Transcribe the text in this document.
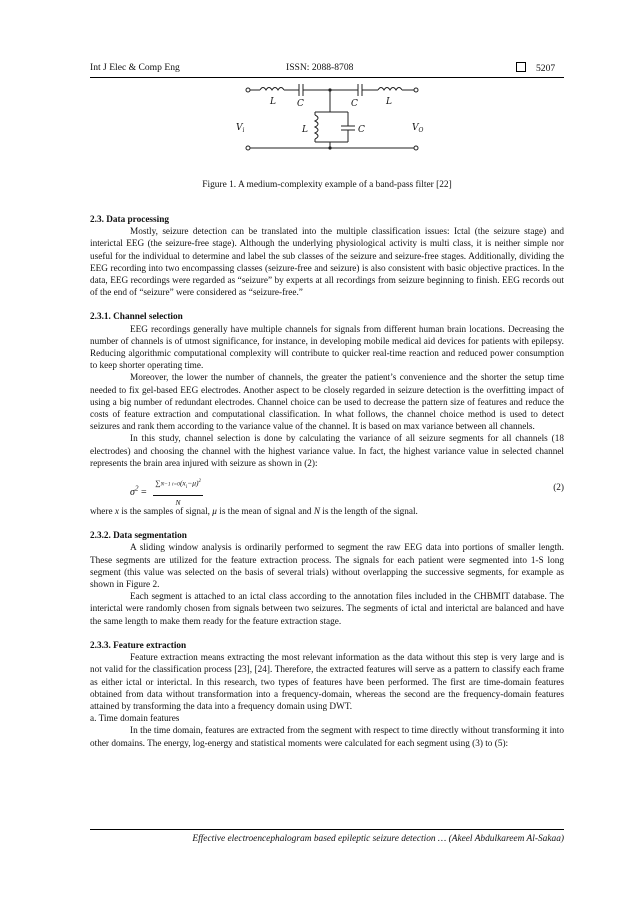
Int J Elec & Comp Eng	ISSN: 2088-8708	5207
L C	C	L
$V_i$	$V_O$
L	C
Figure 1. A medium-complexity example of a band-pass filter [22]
2.3. Data processing

Mostly, seizure detection can be translated into the multiple classification issues: Ictal (the seizure stage) and interictal EEG (the seizure-free stage). Although the underlying physiological activity is multi class, it is neither simple nor useful for the individual to determine and label the sub classes of the seizure and seizure-free stages. Additionally, dividing the EEG recording into two encompassing classes (seizure-free and seizure) is also consistent with basic objective practices. In the data, EEG recordings were regarded as “seizure” by experts at all recordings from seizure beginning to finish. EEG records out of the end of “seizure” were considered as “seizure-free.”

2.3.1. Channel selection

EEG recordings generally have multiple channels for signals from different human brain locations. Decreasing the number of channels is of utmost significance, for instance, in developing mobile medical aid devices for patients with epilepsy. Reducing algorithmic computational complexity will contribute to quicker real-time reaction and reduced power consumption to keep shorter operating time.

Moreover, the lower the number of channels, the greater the patient’s convenience and the shorter the setup time needed to fix gel-based EEG electrodes. Another aspect to be closely regarded in seizure detection is the overfitting impact of using a big number of redundant electrodes. Channel choice can be used to decrease the pattern size of features and reduce the costs of feature extraction and computational classification. In what follows, the channel choice method is used to detect seizures and rank them according to the variance value of the channel. It is based on max variance between all channels.

In this study, channel selection is done by calculating the variance of all seizure segments for all channels (18 electrodes) and choosing the channel with the highest variance value. In fact, the highest variance value in selected channel represents the brain area injured with seizure as shown in (2):

$\sigma^2 = \frac{\sum N-1 i=0(x_i-\mu)^2}{N}$	(2)

where x is the samples of signal, μ is the mean of signal and N is the length of the signal.

2.3.2. Data segmentation

A sliding window analysis is ordinarily performed to segment the raw EEG data into portions of smaller length. These segments are utilized for the feature extraction process. The signals for each patient were segmented into 1-S long segment (this value was selected on the basis of several trials) without overlapping the successive segments, for example as shown in Figure 2.

Each segment is attached to an ictal class according to the annotation files included in the CHBMIT database. The interictal were randomly chosen from signals between two seizures. The segments of ictal and interictal are balanced and have the same length to make them ready for the feature extraction stage.

2.3.3. Feature extraction

Feature extraction means extracting the most relevant information as the data without this step is very large and is not valid for the classification process [23], [24]. Therefore, the extracted features will serve as a pattern to classify each frame as either ictal or interictal. In this research, two types of features have been performed. The first are time-domain features obtained from data without transformation into a frequency-domain, whereas the second are the frequency-domain features attained by transforming the data into a frequency domain using DWT.

a. Time domain features

In the time domain, features are extracted from the segment with respect to time directly without transforming it into other domains. The energy, log-energy and statistical moments were calculated for each segment using (3) to (5):

Effective electroencephalogram based epileptic seizure detection … (Akeel Abdulkareem Al-Sakaa)
